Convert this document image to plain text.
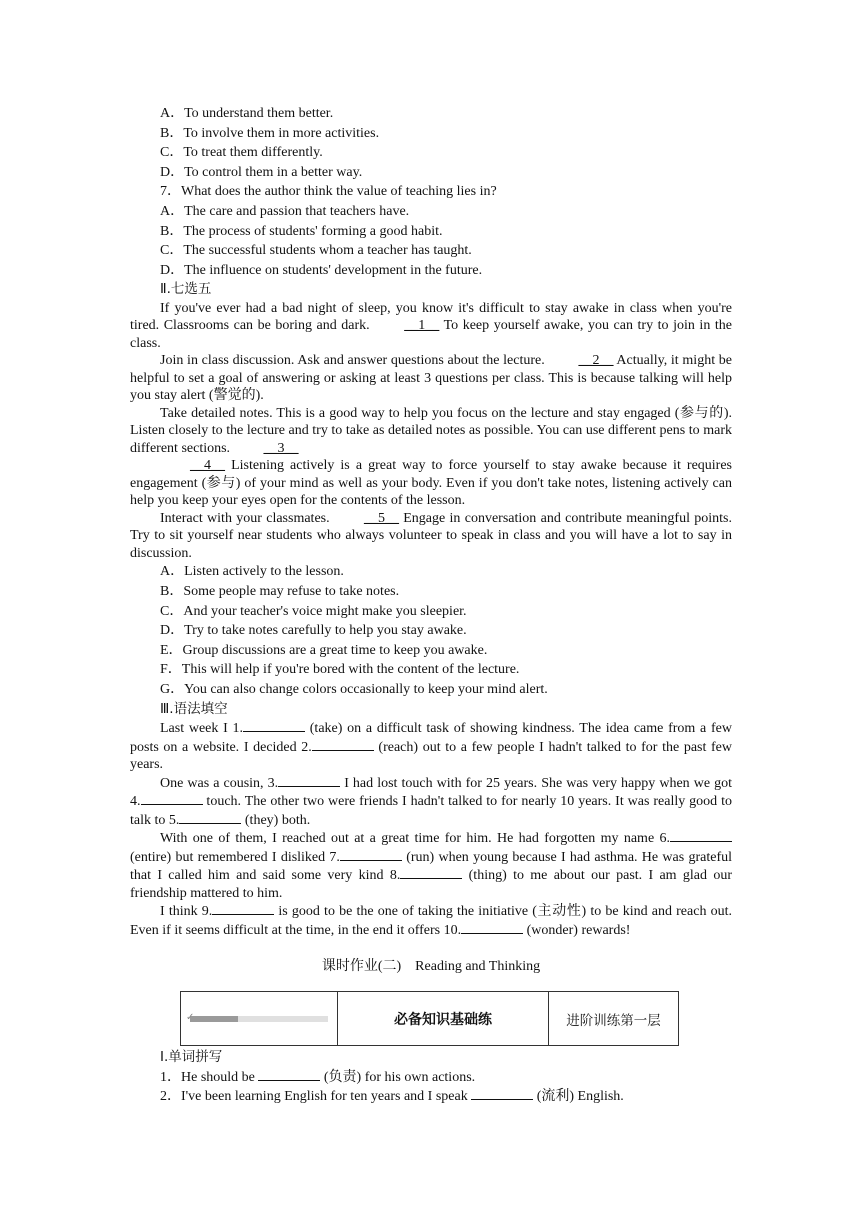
A．To understand them better.
B．To involve them in more activities.
C．To treat them differently.
D．To control them in a better way.
7．What does the author think the value of teaching lies in?
A．The care and passion that teachers have.
B．The process of students' forming a good habit.
C．The successful students whom a teacher has taught.
D．The influence on students' development in the future.
Ⅱ.七选五

If you've ever had a bad night of sleep, you know it's difficult to stay awake in class when you're tired. Classrooms can be boring and dark. __1__ To keep yourself awake, you can try to join in the class.

Join in class discussion. Ask and answer questions about the lecture. __2__ Actually, it might be helpful to set a goal of answering or asking at least 3 questions per class. This is because talking will help you stay alert (警觉的).

Take detailed notes. This is a good way to help you focus on the lecture and stay engaged (参与的). Listen closely to the lecture and try to take as detailed notes as possible. You can use different pens to mark different sections. __3__

__4__ Listening actively is a great way to force yourself to stay awake because it requires engagement (参与) of your mind as well as your body. Even if you don't take notes, listening actively can help you keep your eyes open for the contents of the lesson.

Interact with your classmates. __5__ Engage in conversation and contribute meaningful points. Try to sit yourself near students who always volunteer to speak in class and you will have a lot to say in discussion.

A．Listen actively to the lesson.
B．Some people may refuse to take notes.
C．And your teacher's voice might make you sleepier.
D．Try to take notes carefully to help you stay awake.
E．Group discussions are a great time to keep you awake.
F．This will help if you're bored with the content of the lecture.
G．You can also change colors occasionally to keep your mind alert.
Ⅲ.语法填空

Last week I 1.	(take) on a difficult task of showing kindness. The idea came from a few posts on a website. I decided 2.	(reach) out to a few people I hadn't talked to for the past few years.

One was a cousin, 3.	I had lost touch with for 25 years. She was very happy when we got 4.	touch. The other two were friends I hadn't talked to for nearly 10 years. It was really good to talk to 5.	(they) both.

With one of them, I reached out at a great time for him. He had forgotten my name 6. (entire) but remembered I disliked 7.	(run) when young because I had asthma. He was grateful that I called him and said some very kind 8.	(thing) to me about our past. I am glad our friendship mattered to him.

I think 9.	is good to be the one of taking the initiative (主动性) to be kind and reach out. Even if it seems difficult at the time, in the end it offers 10.	(wonder) rewards!

课时作业(二)　Reading and Thinking
✓	必备知识基础练	进阶训练第一层
Ⅰ.单词拼写
1．He should be	(负责) for his own actions.
2．I've been learning English for ten years and I speak	(流利) English.
